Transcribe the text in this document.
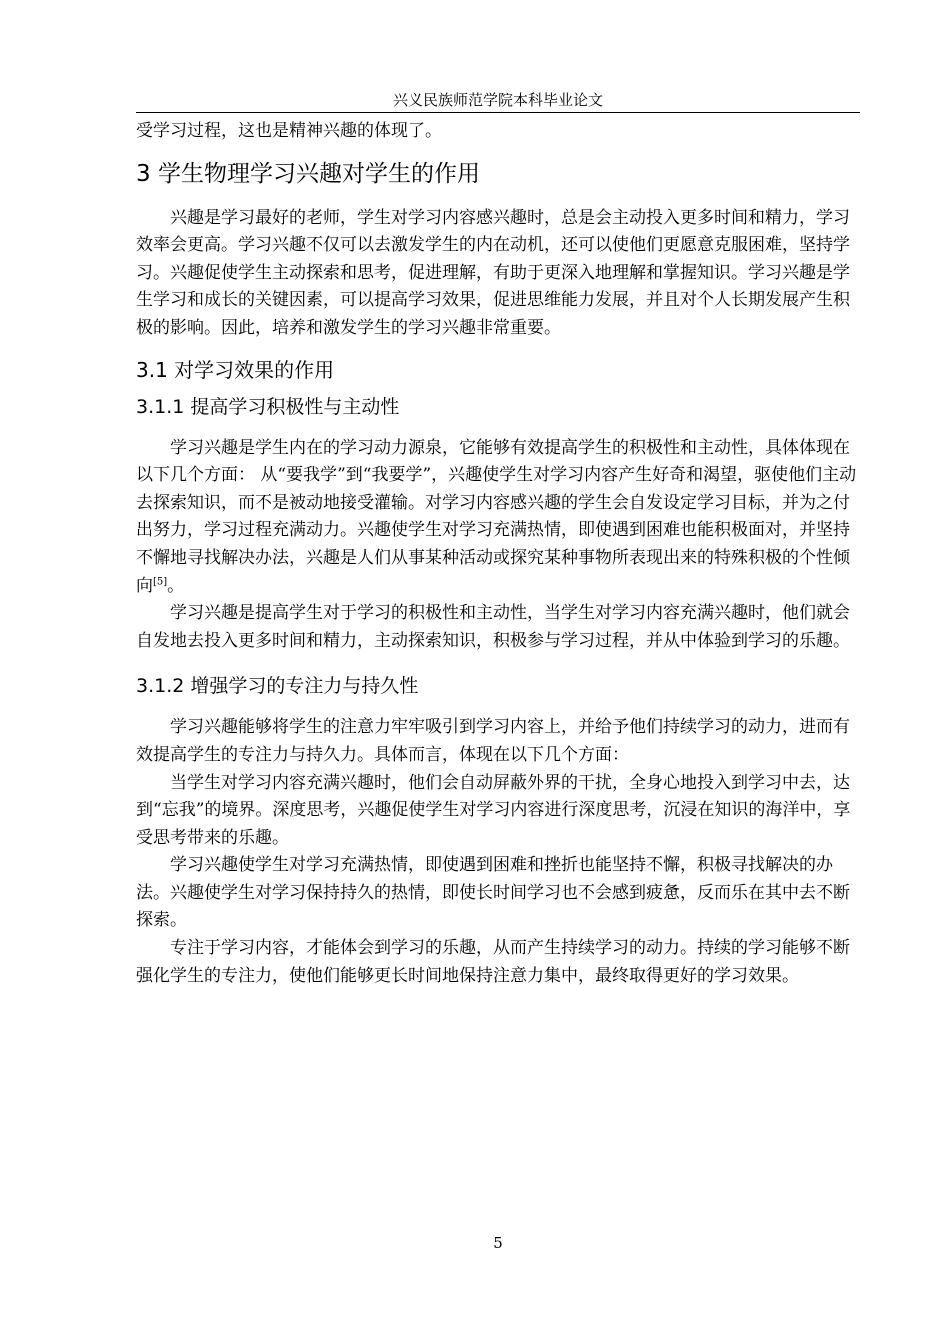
兴义民族师范学院本科毕业论文

受学习过程，这也是精神兴趣的体现了。

3 学生物理学习兴趣对学生的作用

兴趣是学习最好的老师，学生对学习内容感兴趣时，总是会主动投入更多时间和精力，学习效率会更高。学习兴趣不仅可以去激发学生的内在动机，还可以使他们更愿意克服困难，坚持学习。兴趣促使学生主动探索和思考，促进理解，有助于更深入地理解和掌握知识。学习兴趣是学生学习和成长的关键因素，可以提高学习效果，促进思维能力发展，并且对个人长期发展产生积极的影响。因此，培养和激发学生的学习兴趣非常重要。

3.1 对学习效果的作用
3.1.1 提高学习积极性与主动性

学习兴趣是学生内在的学习动力源泉，它能够有效提高学生的积极性和主动性，具体体现在以下几个方面： 从“要我学”到“我要学”，兴趣使学生对学习内容产生好奇和渴望，驱使他们主动去探索知识，而不是被动地接受灌输。对学习内容感兴趣的学生会自发设定学习目标，并为之付出努力，学习过程充满动力。兴趣使学生对学习充满热情，即使遇到困难也能积极面对，并坚持不懈地寻找解决办法，兴趣是人们从事某种活动或探究某种事物所表现出来的特殊积极的个性倾向[5]。

学习兴趣是提高学生对于学习的积极性和主动性，当学生对学习内容充满兴趣时，他们就会自发地去投入更多时间和精力，主动探索知识，积极参与学习过程，并从中体验到学习的乐趣。

3.1.2 增强学习的专注力与持久性

学习兴趣能够将学生的注意力牢牢吸引到学习内容上，并给予他们持续学习的动力，进而有效提高学生的专注力与持久力。具体而言，体现在以下几个方面：

当学生对学习内容充满兴趣时，他们会自动屏蔽外界的干扰，全身心地投入到学习中去，达到“忘我”的境界。深度思考，兴趣促使学生对学习内容进行深度思考，沉浸在知识的海洋中，享受思考带来的乐趣。

学习兴趣使学生对学习充满热情，即使遇到困难和挫折也能坚持不懈，积极寻找解决的办法。兴趣使学生对学习保持持久的热情，即使长时间学习也不会感到疲惫，反而乐在其中去不断探索。

专注于学习内容，才能体会到学习的乐趣，从而产生持续学习的动力。持续的学习能够不断强化学生的专注力，使他们能够更长时间地保持注意力集中，最终取得更好的学习效果。

5
